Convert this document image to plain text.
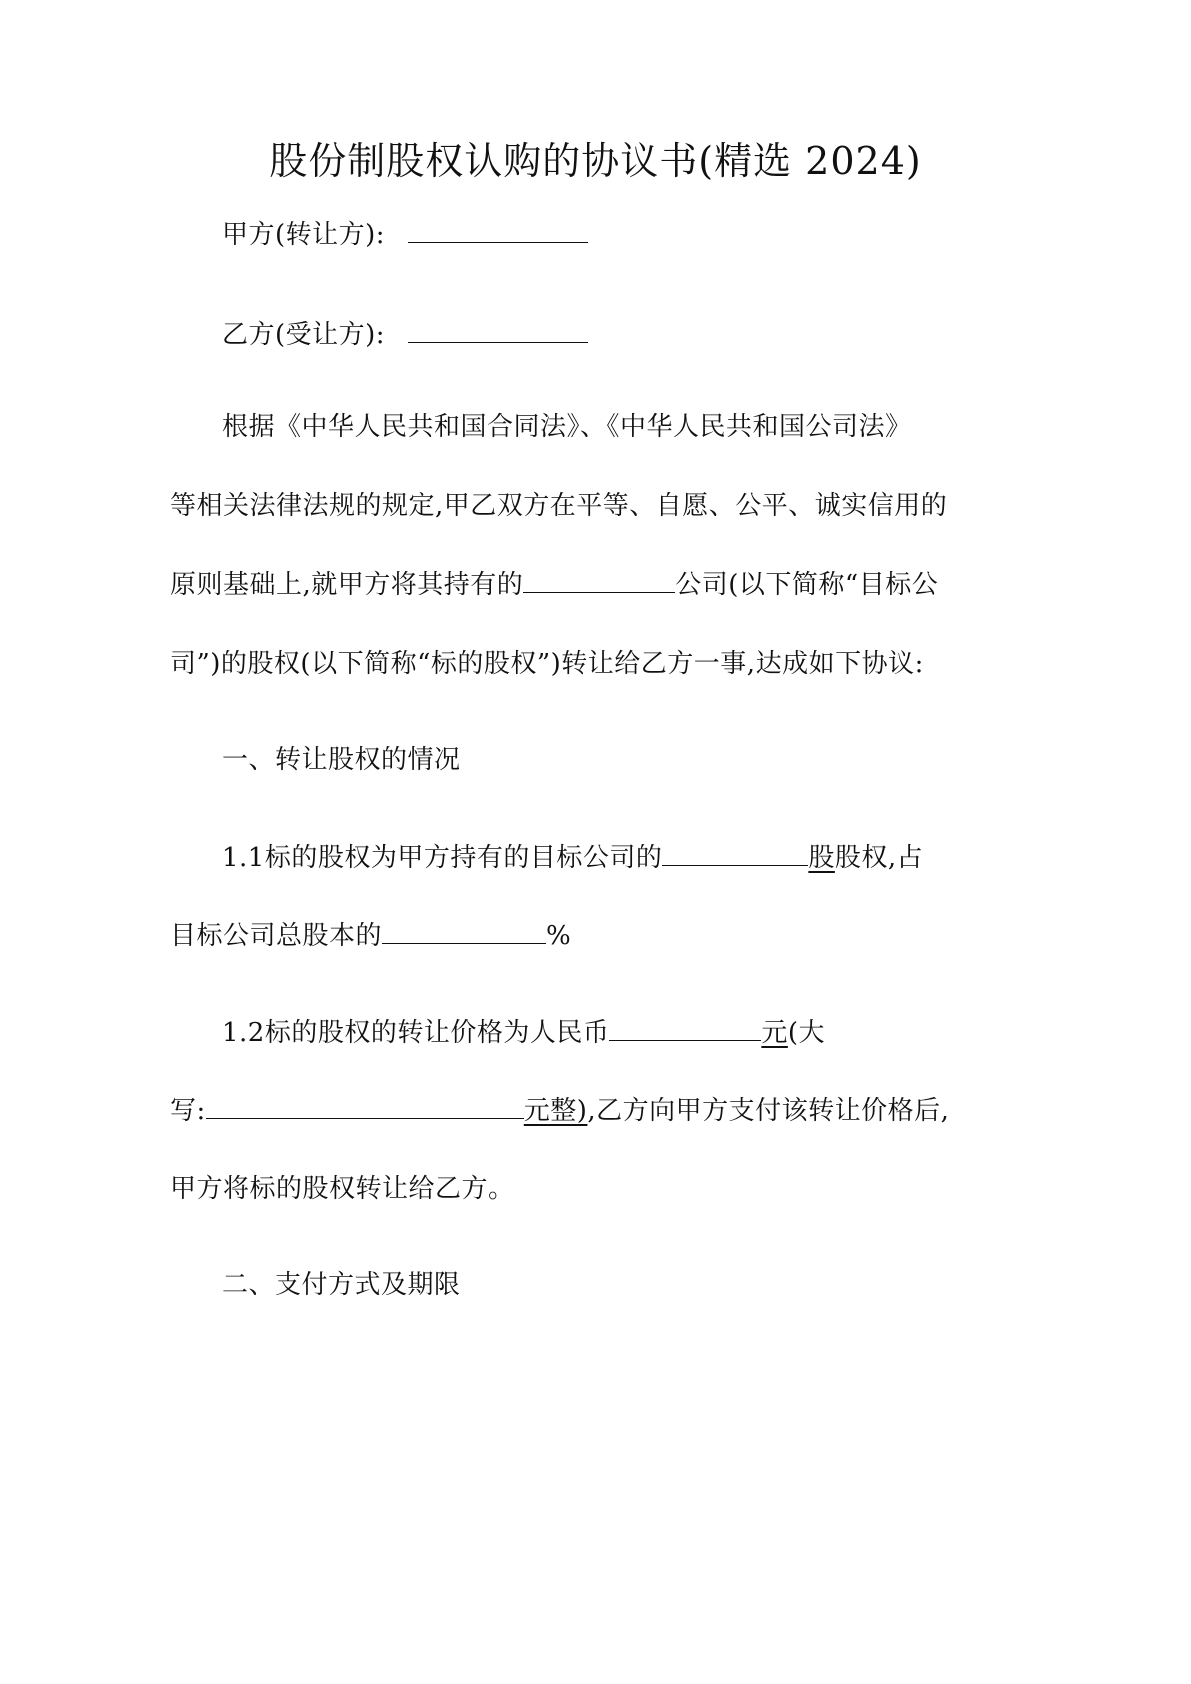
股份制股权认购的协议书(精选 2024)
甲方(转让方):
乙方(受让方):
根据《中华人民共和国合同法》、《中华人民共和国公司法》
等相关法律法规的规定,甲乙双方在平等、自愿、公平、诚实信用的
原则基础上,就甲方将其持有的	公司(以下简称“目标公
司”)的股权(以下简称“标的股权”)转让给乙方一事,达成如下协议:
一、转让股权的情况
1.1标的股权为甲方持有的目标公司的	股股权,占
目标公司总股本的	%
1.2标的股权的转让价格为人民币	元(大
写:	元整),乙方向甲方支付该转让价格后,
甲方将标的股权转让给乙方。
二、支付方式及期限
